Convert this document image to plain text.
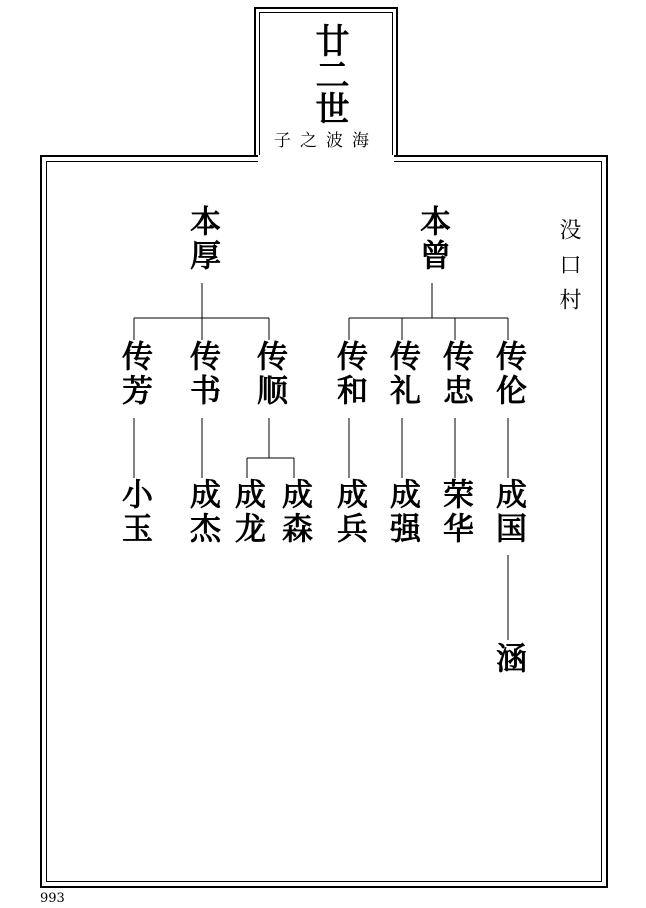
廿二世
子之波海
没口村
本厚	本曾
传芳 传书 传顺 传和 传礼 传忠 传伦
小玉 成杰 成龙 成森 成兵 成强 荣华 成国
涵
993
